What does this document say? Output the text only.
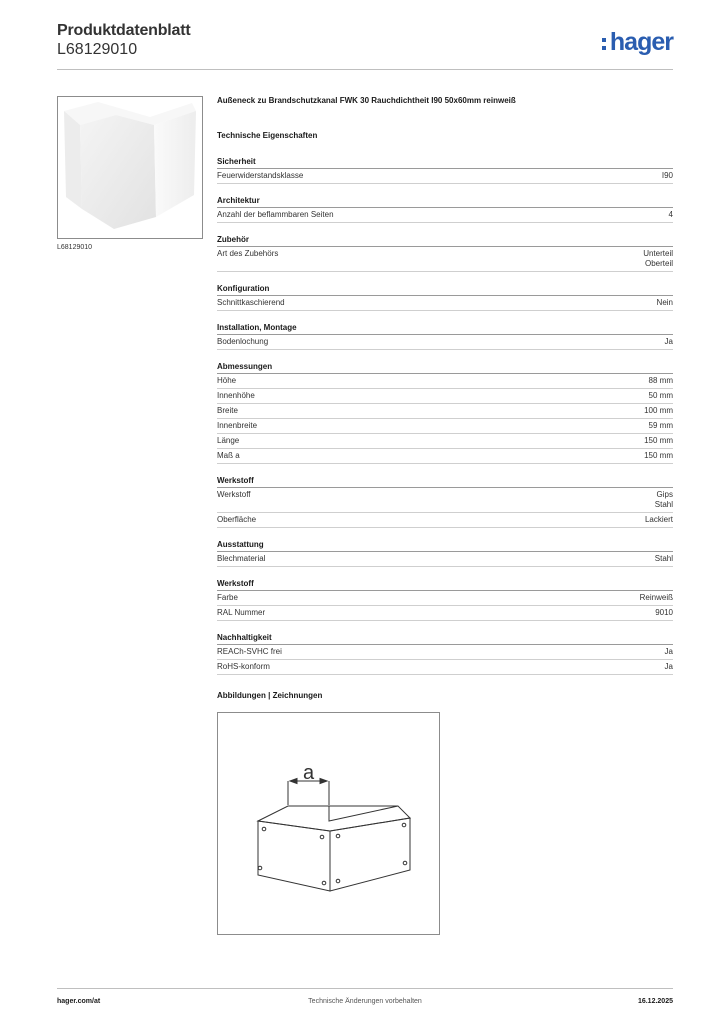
Produktdatenblatt
L68129010	hager
L68129010
Außeneck zu Brandschutzkanal FWK 30 Rauchdichtheit I90 50x60mm reinweiß
Technische Eigenschaften
Sicherheit
Feuerwiderstandsklasse	I90
Architektur
Anzahl der beflammbaren Seiten	4
Zubehör
Art des Zubehörs	Unterteil
Oberteil
Konfiguration
Schnittkaschierend	Nein
Installation, Montage
Bodenlochung	Ja
Abmessungen
Höhe	88 mm
Innenhöhe	50 mm
Breite	100 mm
Innenbreite	59 mm
Länge	150 mm
Maß a	150 mm
Werkstoff
Werkstoff	Gips
Stahl
Oberfläche	Lackiert
Ausstattung
Blechmaterial	Stahl
Werkstoff
Farbe	Reinweiß
RAL Nummer	9010
Nachhaltigkeit
REACh-SVHC frei	Ja
RoHS-konform	Ja
Abbildungen | Zeichnungen
a
hager.com/at	Technische Änderungen vorbehalten	16.12.2025
